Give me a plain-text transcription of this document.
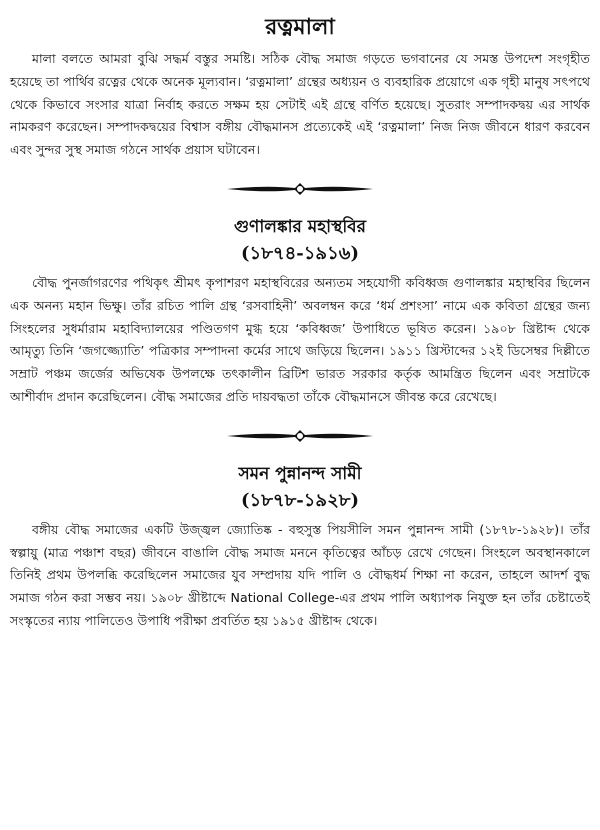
রত্নমালা

মালা বলতে আমরা বুঝি সদ্ধর্ম বস্তুর সমষ্টি। সঠিক বৌদ্ধ সমাজ গড়তে ভগবানের যে সমস্ত উপদেশ সংগৃহীত হয়েছে তা পার্থিব রত্নের থেকে অনেক মূল্যবান। ‘রত্নমালা’ গ্রন্থের অধ্যয়ন ও ব্যবহারিক প্রয়োগে এক গৃহী মানুষ সৎপথে থেকে কিভাবে সংসার যাত্রা নির্বাহ করতে সক্ষম হয় সেটাই এই গ্রন্থে বর্ণিত হয়েছে। সুতরাং সম্পাদকদ্বয় এর সার্থক নামকরণ করেছেন। সম্পাদকদ্বয়ের বিশ্বাস বঙ্গীয় বৌদ্ধমানস প্রত্যেকেই এই ‘রত্নমালা’ নিজ নিজ জীবনে ধারণ করবেন এবং সুন্দর সুস্থ সমাজ গঠনে সার্থক প্রয়াস ঘটাবেন।

গুণালঙ্কার মহাস্থবির
(১৮৭৪-১৯১৬)

বৌদ্ধ পুনর্জাগরণের পথিকৃৎ শ্রীমৎ কৃপাশরণ মহাস্থবিরের অন্যতম সহযোগী কবিধ্বজ গুণালঙ্কার মহাস্থবির ছিলেন এক অনন্য মহান ভিক্ষু। তাঁর রচিত পালি গ্রন্থ ‘রসবাহিনী’ অবলম্বন করে ‘ধর্ম প্রশংসা’ নামে এক কবিতা গ্রন্থের জন্য সিংহলের সুধর্মারাম মহাবিদ্যালয়ের পণ্ডিতগণ মুগ্ধ হয়ে ‘কবিধ্বজ’ উপাধিতে ভূষিত করেন। ১৯০৮ খ্রিষ্টাব্দ থেকে আমৃত্যু তিনি ‘জগজ্জ্যোতি’ পত্রিকার সম্পাদনা কর্মের সাথে জড়িয়ে ছিলেন। ১৯১১ খ্রিস্টাব্দের ১২ই ডিসেম্বর দিল্লীতে সম্রাট পঞ্চম জর্জের অভিষেক উপলক্ষে তৎকালীন ব্রিটিশ ভারত সরকার কর্তৃক আমন্ত্রিত ছিলেন এবং সম্রাটকে আশীর্বাদ প্রদান করেছিলেন। বৌদ্ধ সমাজের প্রতি দায়বদ্ধতা তাঁকে বৌদ্ধমানসে জীবন্ত করে রেখেছে।

সমন পুন্নানন্দ সামী
(১৮৭৮-১৯২৮)

বঙ্গীয় বৌদ্ধ সমাজের একটি উজ্জ্বল জ্যোতিষ্ক - বহুসুস্ত পিয়সীলি সমন পুন্নানন্দ সামী (১৮৭৮-১৯২৮)। তাঁর স্বল্পায়ু (মাত্র পঞ্চাশ বছর) জীবনে বাঙালি বৌদ্ধ সমাজ মননে কৃতিত্বের আঁচড় রেখে গেছেন। সিংহলে অবস্থানকালে তিনিই প্রথম উপলব্ধি করেছিলেন সমাজের যুব সম্প্রদায় যদি পালি ও বৌদ্ধধর্ম শিক্ষা না করেন, তাহলে আদর্শ বুদ্ধ সমাজ গঠন করা সম্ভব নয়। ১৯০৮ খ্রীষ্টাব্দে National College-এর প্রথম পালি অধ্যাপক নিযুক্ত হন তাঁর চেষ্টাতেই সংস্কৃতের ন্যায় পালিতেও উপাধি পরীক্ষা প্রবর্তিত হয় ১৯১৫ খ্রীষ্টাব্দ থেকে।
